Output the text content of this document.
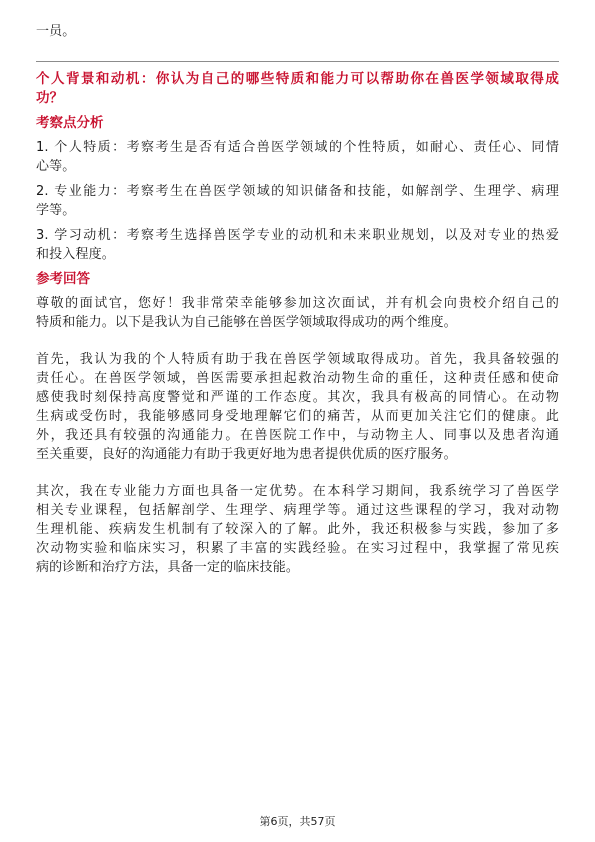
一员。

个人背景和动机：你认为自己的哪些特质和能力可以帮助你在兽医学领域取得成

功？

考察点分析

1. 个人特质：考察考生是否有适合兽医学领域的个性特质，如耐心、责任心、同情

心等。

2. 专业能力：考察考生在兽医学领域的知识储备和技能，如解剖学、生理学、病理

学等。

3. 学习动机：考察考生选择兽医学专业的动机和未来职业规划，以及对专业的热爱

和投入程度。

参考回答

尊敬的面试官，您好！我非常荣幸能够参加这次面试，并有机会向贵校介绍自己的

特质和能力。以下是我认为自己能够在兽医学领域取得成功的两个维度。

首先，我认为我的个人特质有助于我在兽医学领域取得成功。首先，我具备较强的

责任心。在兽医学领域，兽医需要承担起救治动物生命的重任，这种责任感和使命

感使我时刻保持高度警觉和严谨的工作态度。其次，我具有极高的同情心。在动物

生病或受伤时，我能够感同身受地理解它们的痛苦，从而更加关注它们的健康。此

外，我还具有较强的沟通能力。在兽医院工作中，与动物主人、同事以及患者沟通

至关重要，良好的沟通能力有助于我更好地为患者提供优质的医疗服务。

其次，我在专业能力方面也具备一定优势。在本科学习期间，我系统学习了兽医学

相关专业课程，包括解剖学、生理学、病理学等。通过这些课程的学习，我对动物

生理机能、疾病发生机制有了较深入的了解。此外，我还积极参与实践，参加了多

次动物实验和临床实习，积累了丰富的实践经验。在实习过程中，我掌握了常见疾

病的诊断和治疗方法，具备一定的临床技能。

第6页，共57页
